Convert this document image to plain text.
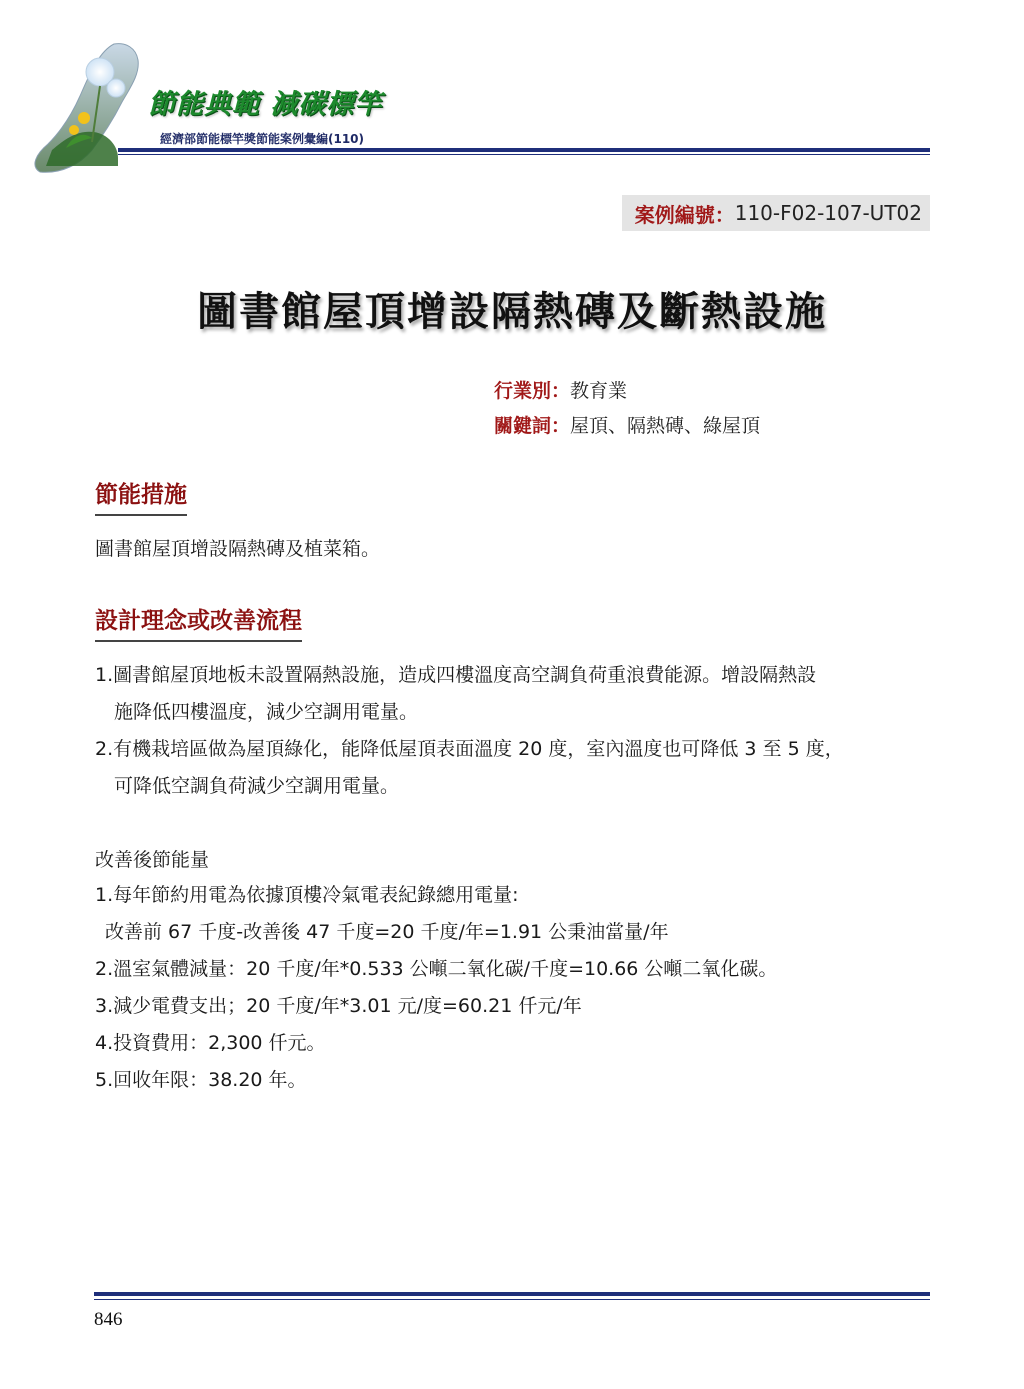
節能典範 減碳標竿
經濟部節能標竿獎節能案例彙編(110)
案例編號： 110-F02-107-UT02
圖書館屋頂增設隔熱磚及斷熱設施
行業別：教育業
關鍵詞：屋頂、隔熱磚、綠屋頂
節能措施
圖書館屋頂增設隔熱磚及植菜箱。
設計理念或改善流程
1.圖書館屋頂地板未設置隔熱設施，造成四樓溫度高空調負荷重浪費能源。增設隔熱設
施降低四樓溫度，減少空調用電量。
2.有機栽培區做為屋頂綠化，能降低屋頂表面溫度 20 度，室內溫度也可降低 3 至 5 度，
可降低空調負荷減少空調用電量。
改善後節能量
1.每年節約用電為依據頂樓冷氣電表紀錄總用電量:
改善前 67 千度-改善後 47 千度=20 千度/年=1.91 公秉油當量/年
2.溫室氣體減量：20 千度/年*0.533 公噸二氧化碳/千度=10.66 公噸二氧化碳。
3.減少電費支出；20 千度/年*3.01 元/度=60.21 仟元/年
4.投資費用：2,300 仟元。
5.回收年限：38.20 年。
846
